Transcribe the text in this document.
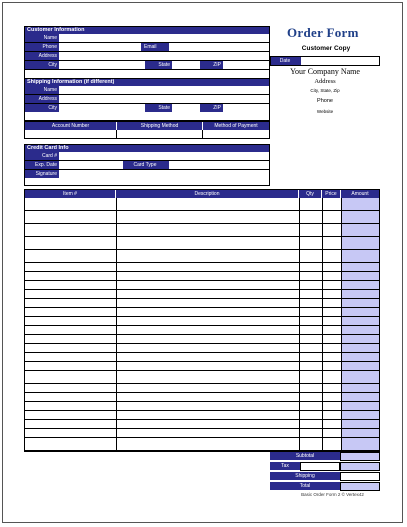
Customer Information
Name
Phone	Email
Address
City	State	ZIP
Shipping Information (if different)
Name
Address
City	State	ZIP
Account Number	Shipping Method	Method of Payment
Credit Card Info
Card #
Exp. Date	Card Type
Signature
Order Form
Customer Copy
Date
Your Company Name
Address
City, State, Zip
Phone
Website
Item #	Description	Qty	Price	Amount
Subtotal
Tax
Shipping
Total
Basic Order Form 2 © Vertex42
